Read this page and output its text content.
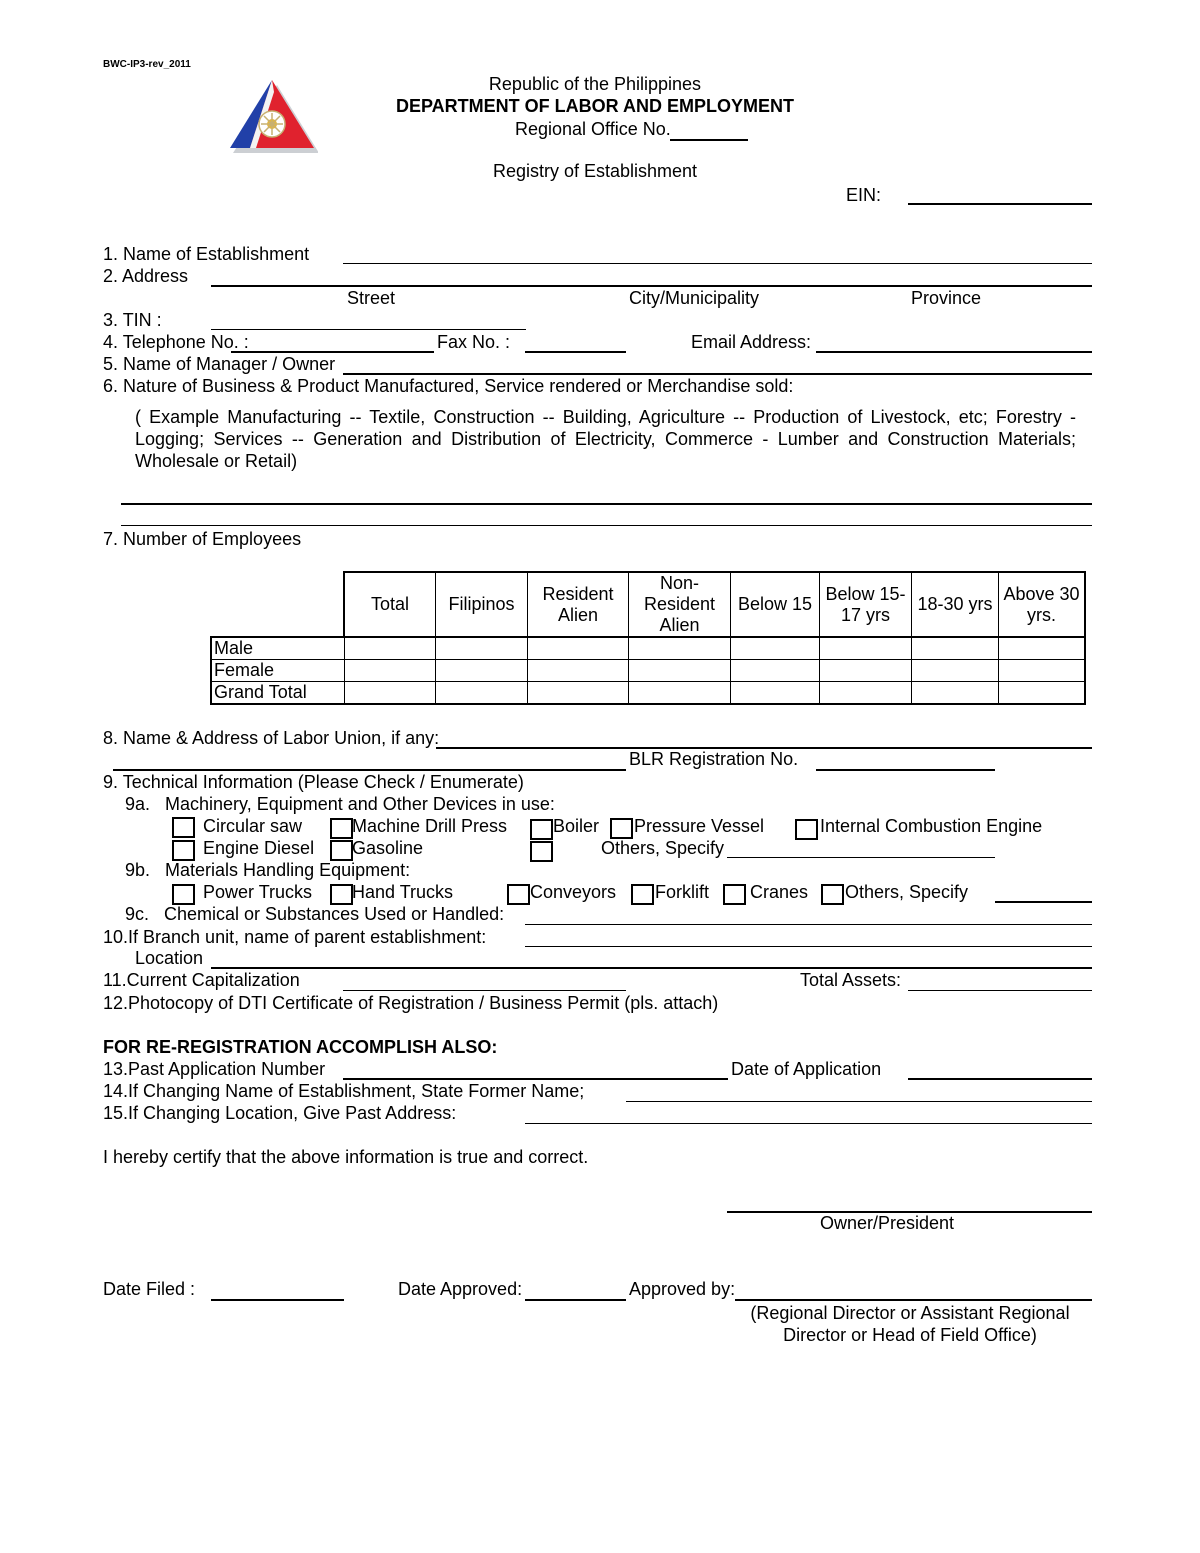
BWC-IP3-rev_2011
Republic of the Philippines
DEPARTMENT OF LABOR AND EMPLOYMENT
Regional Office No.
Registry of Establishment
EIN:
1. Name of Establishment
2. Address
Street	City/Municipality	Province
3. TIN :
4. Telephone No. :	Fax No. :	Email Address:
5. Name of Manager / Owner
6. Nature of Business & Product Manufactured, Service rendered or Merchandise sold:
( Example Manufacturing -- Textile, Construction -- Building, Agriculture -- Production of Livestock, etc; Forestry - Logging; Services -- Generation and Distribution of Electricity, Commerce - Lumber and Construction Materials; Wholesale or Retail)
7. Number of Employees
	Total	Filipinos	Resident Alien	Non-Resident Alien	Below 15	Below 15-17 yrs	18-30 yrs	Above 30 yrs.
Male								
Female								
Grand Total								
8. Name & Address of Labor Union, if any:
BLR Registration No.
9. Technical Information (Please Check / Enumerate)
9a.   Machinery, Equipment and Other Devices in use:
Circular saw	Machine Drill Press	Boiler Pressure Vessel	Internal Combustion Engine
Engine Diesel Gasoline	Others, Specify
9b.   Materials Handling Equipment:
Power Trucks Hand Trucks	Conveyors Forklift Cranes Others, Specify
9c.   Chemical or Substances Used or Handled:
10.If Branch unit, name of parent establishment:
Location
11.Current Capitalization	Total Assets:
12.Photocopy of DTI Certificate of Registration / Business Permit (pls. attach)
FOR RE-REGISTRATION ACCOMPLISH ALSO:
13.Past Application Number	Date of Application
14.If Changing Name of Establishment, State Former Name;
15.If Changing Location, Give Past Address:
I hereby certify that the above information is true and correct.
Owner/President
Date Filed :	Date Approved:	Approved by:
(Regional Director or Assistant Regional
Director or Head of Field Office)
